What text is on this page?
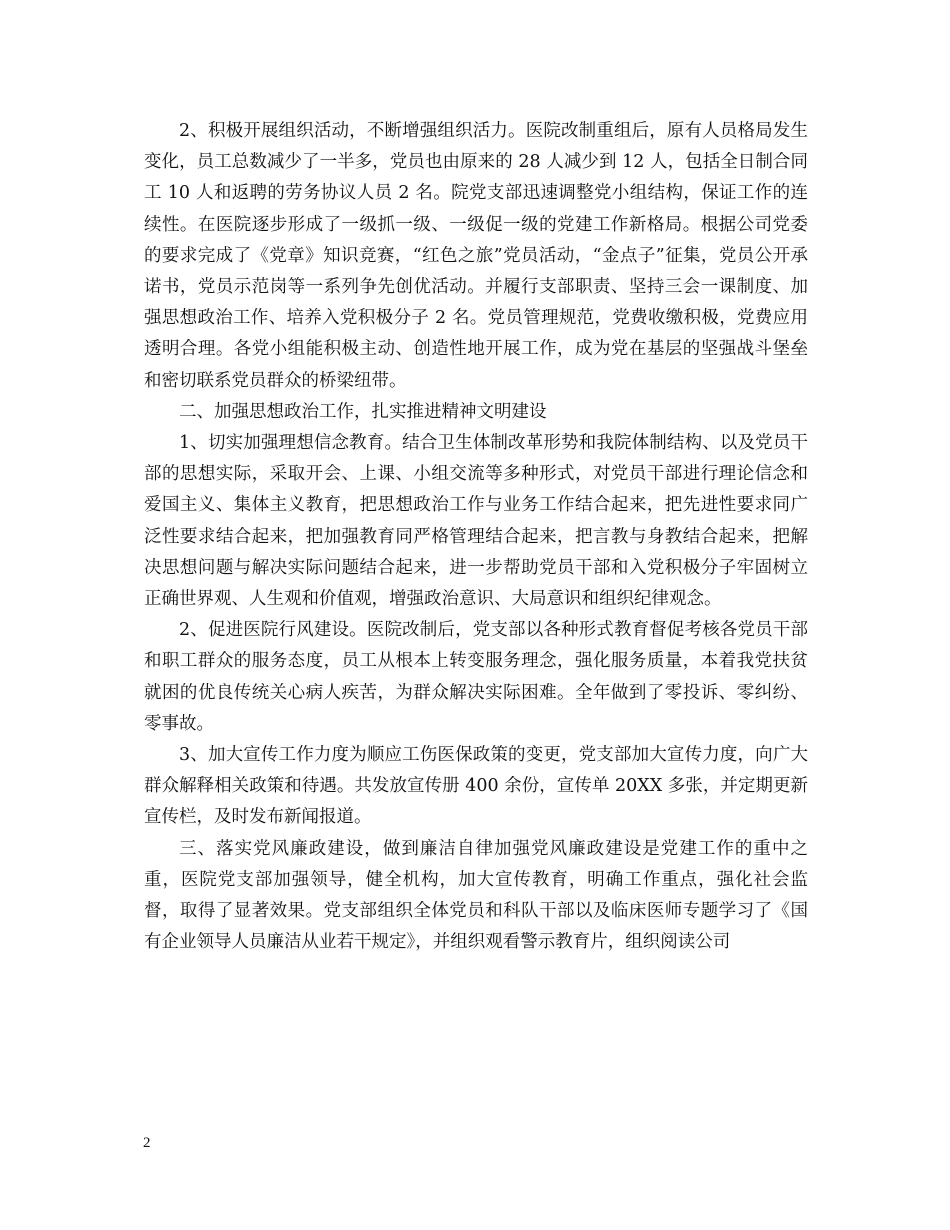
2、积极开展组织活动，不断增强组织活力。医院改制重组后，原有人员格局发生变化，员工总数减少了一半多，党员也由原来的 28 人减少到 12 人，包括全日制合同工 10 人和返聘的劳务协议人员 2 名。院党支部迅速调整党小组结构，保证工作的连续性。在医院逐步形成了一级抓一级、一级促一级的党建工作新格局。根据公司党委的要求完成了《党章》知识竞赛，“红色之旅”党员活动，“金点子”征集，党员公开承诺书，党员示范岗等一系列争先创优活动。并履行支部职责、坚持三会一课制度、加强思想政治工作、培养入党积极分子 2 名。党员管理规范，党费收缴积极，党费应用透明合理。各党小组能积极主动、创造性地开展工作，成为党在基层的坚强战斗堡垒和密切联系党员群众的桥梁纽带。

二、加强思想政治工作，扎实推进精神文明建设

1、切实加强理想信念教育。结合卫生体制改革形势和我院体制结构、以及党员干部的思想实际，采取开会、上课、小组交流等多种形式，对党员干部进行理论信念和爱国主义、集体主义教育，把思想政治工作与业务工作结合起来，把先进性要求同广泛性要求结合起来，把加强教育同严格管理结合起来，把言教与身教结合起来，把解决思想问题与解决实际问题结合起来，进一步帮助党员干部和入党积极分子牢固树立正确世界观、人生观和价值观，增强政治意识、大局意识和组织纪律观念。

2、促进医院行风建设。医院改制后，党支部以各种形式教育督促考核各党员干部和职工群众的服务态度，员工从根本上转变服务理念，强化服务质量，本着我党扶贫就困的优良传统关心病人疾苦，为群众解决实际困难。全年做到了零投诉、零纠纷、零事故。

3、加大宣传工作力度为顺应工伤医保政策的变更，党支部加大宣传力度，向广大群众解释相关政策和待遇。共发放宣传册 400 余份，宣传单 20XX 多张，并定期更新宣传栏，及时发布新闻报道。

三、落实党风廉政建设，做到廉洁自律加强党风廉政建设是党建工作的重中之重，医院党支部加强领导，健全机构，加大宣传教育，明确工作重点，强化社会监督，取得了显著效果。党支部组织全体党员和科队干部以及临床医师专题学习了《国有企业领导人员廉洁从业若干规定》，并组织观看警示教育片，组织阅读公司

2
